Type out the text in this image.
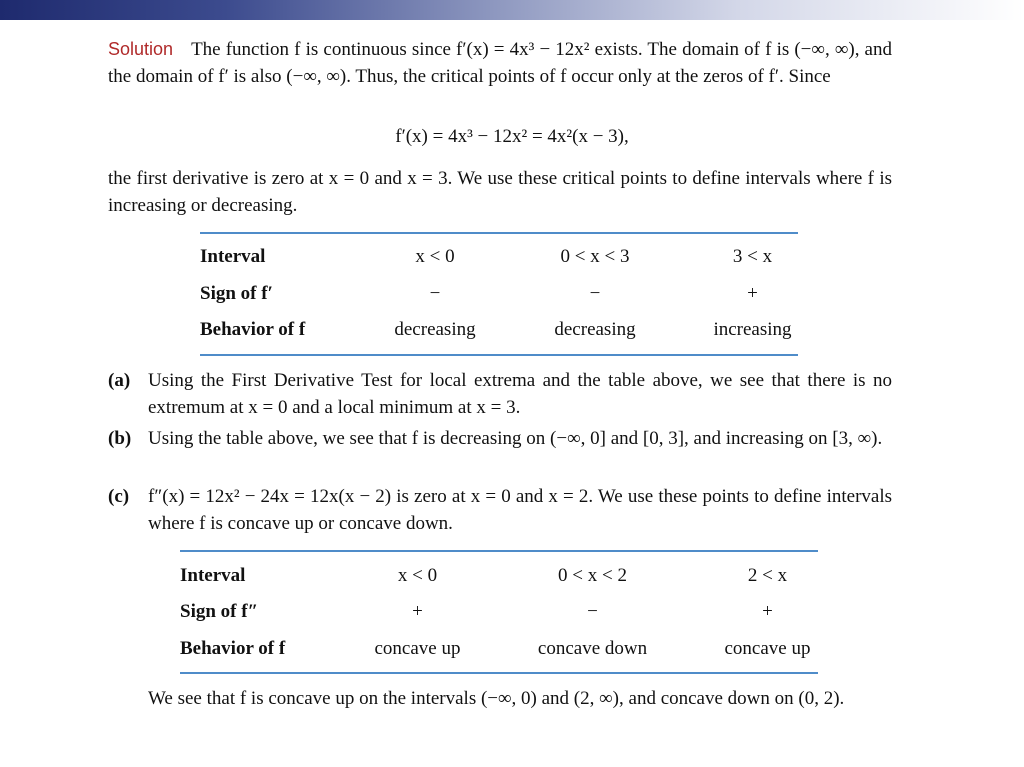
Solution The function f is continuous since f′(x) = 4x³ − 12x² exists. The domain of f is (−∞, ∞), and the domain of f′ is also (−∞, ∞). Thus, the critical points of f occur only at the zeros of f′. Since
f′(x) = 4x³ − 12x² = 4x²(x − 3),
the first derivative is zero at x = 0 and x = 3. We use these critical points to define intervals where f is increasing or decreasing.
Interval	x < 0	0 < x < 3	3 < x
Sign of f′	−	−	+
Behavior of f	decreasing	decreasing	increasing
(a) Using the First Derivative Test for local extrema and the table above, we see that there is no extremum at x = 0 and a local minimum at x = 3.
(b) Using the table above, we see that f is decreasing on (−∞, 0] and [0, 3], and increasing on [3, ∞).
(c) f″(x) = 12x² − 24x = 12x(x − 2) is zero at x = 0 and x = 2. We use these points to define intervals where f is concave up or concave down.
Interval	x < 0	0 < x < 2	2 < x
Sign of f″	+	−	+
Behavior of f	concave up	concave down	concave up
We see that f is concave up on the intervals (−∞, 0) and (2, ∞), and concave down on (0, 2).
